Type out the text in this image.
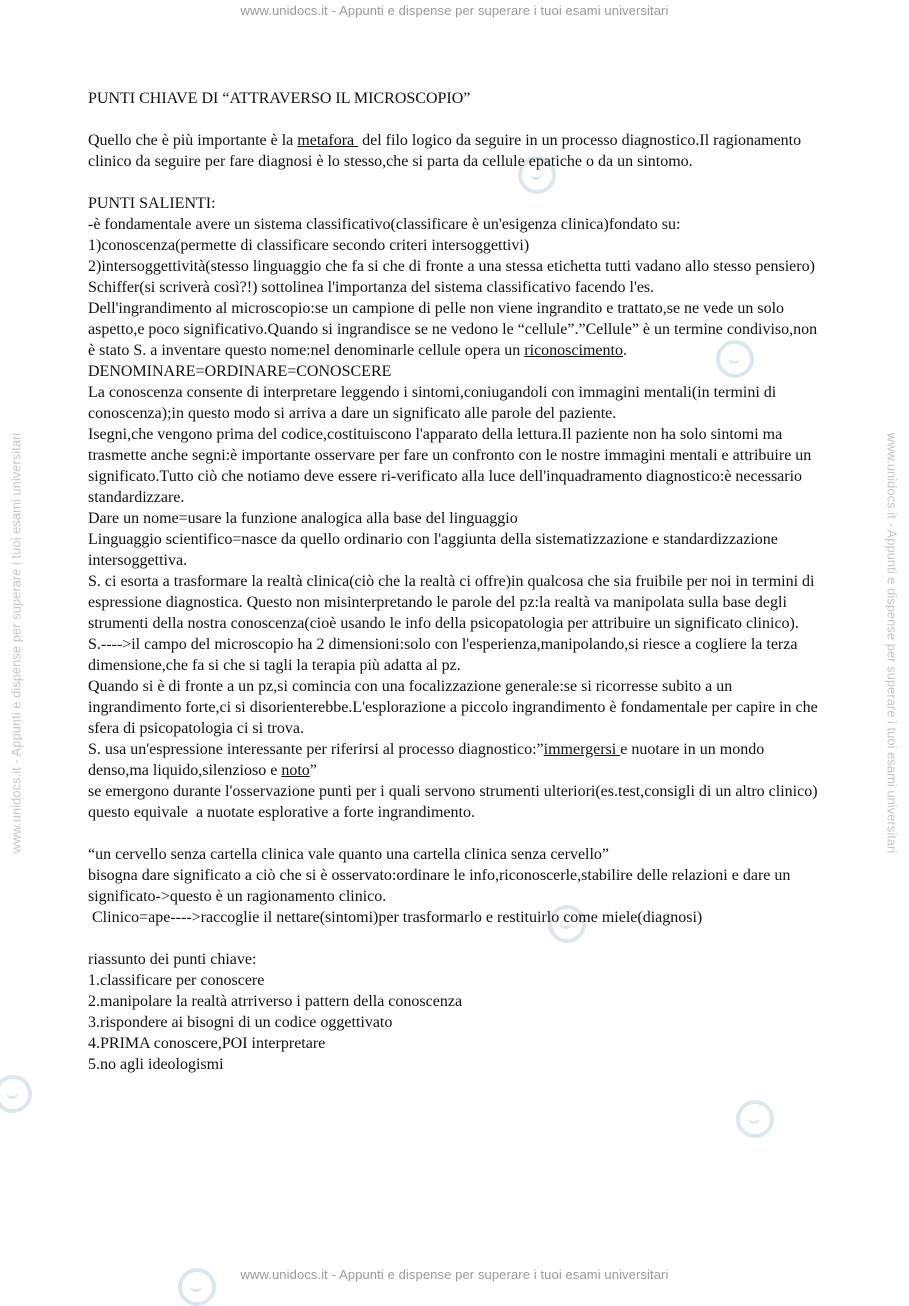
www.unidocs.it - Appunti e dispense per superare i tuoi esami universitari
www.unidocs.it - Appunti e dispense per superare i tuoi esami universitari	www.unidocs.it - Appunti e dispense per superare i tuoi esami universitari

PUNTI CHIAVE DI “ATTRAVERSO IL MICROSCOPIO”

Quello che è più importante è la metafora  del filo logico da seguire in un processo diagnostico.Il ragionamento clinico da seguire per fare diagnosi è lo stesso,che si parta da cellule epatiche o da un sintomo.

PUNTI SALIENTI:

-è fondamentale avere un sistema classificativo(classificare è un'esigenza clinica)fondato su:

1)conoscenza(permette di classificare secondo criteri intersoggettivi)

2)intersoggettività(stesso linguaggio che fa si che di fronte a una stessa etichetta tutti vadano allo stesso pensiero)

Schiffer(si scriverà così?!) sottolinea l'importanza del sistema classificativo facendo l'es.

Dell'ingrandimento al microscopio:se un campione di pelle non viene ingrandito e trattato,se ne vede un solo aspetto,e poco significativo.Quando si ingrandisce se ne vedono le “cellule”.”Cellule” è un termine condiviso,non è stato S. a inventare questo nome:nel denominarle cellule opera un riconoscimento.

DENOMINARE=ORDINARE=CONOSCERE

La conoscenza consente di interpretare leggendo i sintomi,coniugandoli con immagini mentali(in termini di conoscenza);in questo modo si arriva a dare un significato alle parole del paziente.

Isegni,che vengono prima del codice,costituiscono l'apparato della lettura.Il paziente non ha solo sintomi ma trasmette anche segni:è importante osservare per fare un confronto con le nostre immagini mentali e attribuire un significato.Tutto ciò che notiamo deve essere ri-verificato alla luce dell'inquadramento diagnostico:è necessario standardizzare.

Dare un nome=usare la funzione analogica alla base del linguaggio

Linguaggio scientifico=nasce da quello ordinario con l'aggiunta della sistematizzazione e standardizzazione intersoggettiva.

S. ci esorta a trasformare la realtà clinica(ciò che la realtà ci offre)in qualcosa che sia fruibile per noi in termini di espressione diagnostica. Questo non misinterpretando le parole del pz:la realtà va manipolata sulla base degli strumenti della nostra conoscenza(cioè usando le info della psicopatologia per attribuire un significato clinico).

S.---->il campo del microscopio ha 2 dimensioni:solo con l'esperienza,manipolando,si riesce a cogliere la terza dimensione,che fa si che si tagli la terapia più adatta al pz.

Quando si è di fronte a un pz,si comincia con una focalizzazione generale:se si ricorresse subito a un ingrandimento forte,ci si disorienterebbe.L'esplorazione a piccolo ingrandimento è fondamentale per capire in che sfera di psicopatologia ci si trova.

S. usa un'espressione interessante per riferirsi al processo diagnostico:”immergersi e nuotare in un mondo denso,ma liquido,silenzioso e noto”

se emergono durante l'osservazione punti per i quali servono strumenti ulteriori(es.test,consigli di un altro clinico) questo equivale  a nuotate esplorative a forte ingrandimento.

“un cervello senza cartella clinica vale quanto una cartella clinica senza cervello”

bisogna dare significato a ciò che si è osservato:ordinare le info,riconoscerle,stabilire delle relazioni e dare un significato->questo è un ragionamento clinico.

Clinico=ape---->raccoglie il nettare(sintomi)per trasformarlo e restituirlo come miele(diagnosi)

riassunto dei punti chiave:

1.classificare per conoscere

2.manipolare la realtà atrriverso i pattern della conoscenza

3.rispondere ai bisogni di un codice oggettivato

4.PRIMA conoscere,POI interpretare

5.no agli ideologismi

www.unidocs.it - Appunti e dispense per superare i tuoi esami universitari
